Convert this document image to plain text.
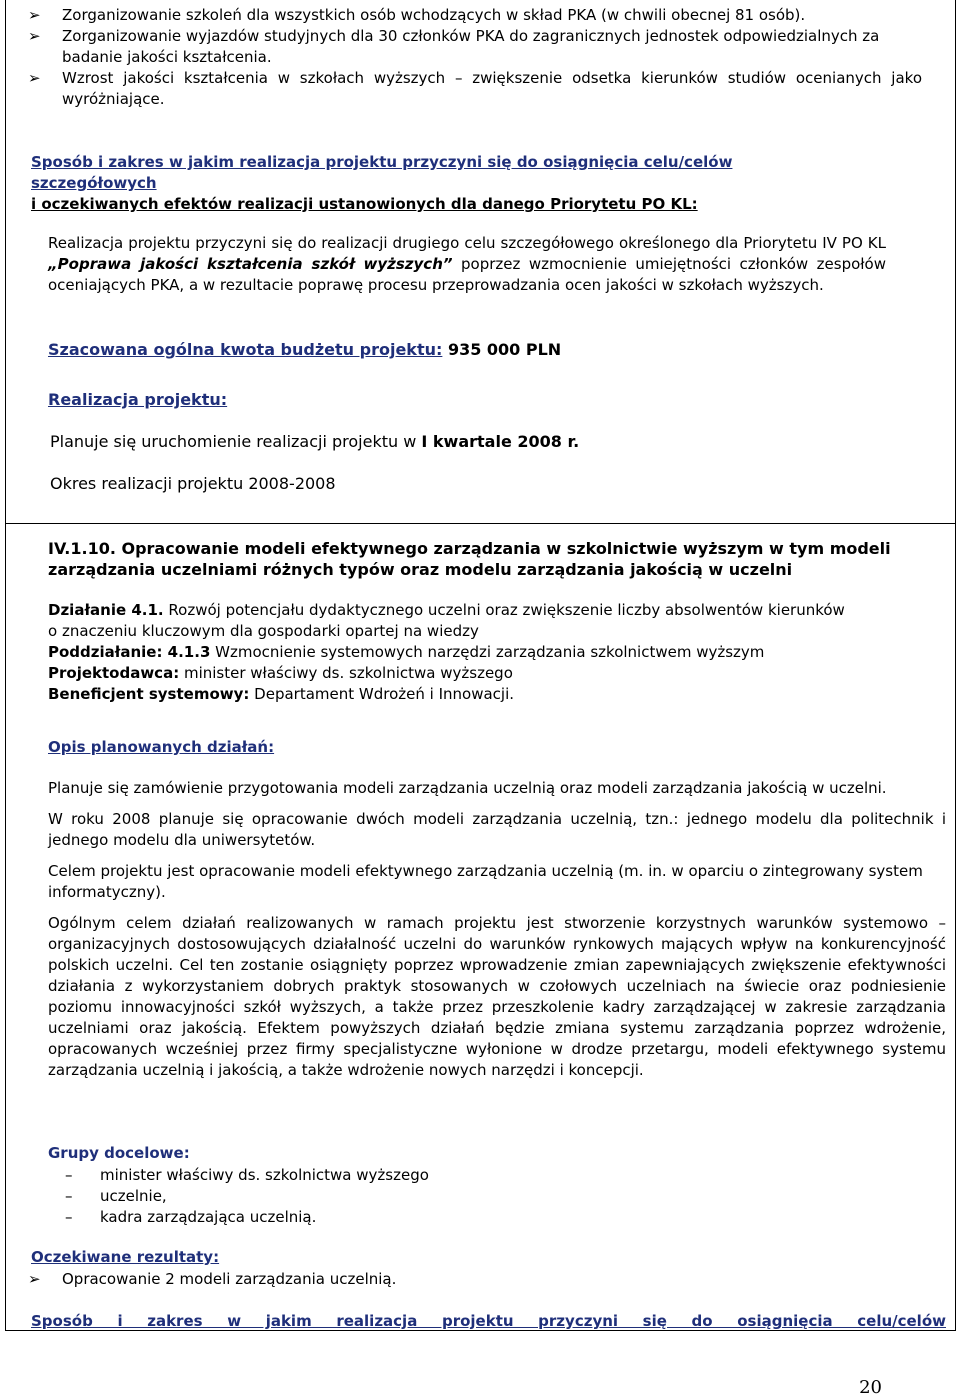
➢ Zorganizowanie szkoleń dla wszystkich osób wchodzących w skład PKA (w chwili obecnej 81 osób).
➢ Zorganizowanie wyjazdów studyjnych dla 30 członków PKA do zagranicznych jednostek odpowiedzialnych za badanie jakości kształcenia.
➢ Wzrost jakości kształcenia w szkołach wyższych – zwiększenie odsetka kierunków studiów ocenianych jako wyróżniające.

Sposób i zakres w jakim realizacja projektu przyczyni się do osiągnięcia celu/celów

szczegółowych

i oczekiwanych efektów realizacji ustanowionych dla danego Priorytetu PO KL:

Realizacja projektu przyczyni się do realizacji drugiego celu szczegółowego określonego dla Priorytetu IV PO KL „Poprawa jakości kształcenia szkół wyższych” poprzez wzmocnienie umiejętności członków zespołów oceniających PKA, a w rezultacie poprawę procesu przeprowadzania ocen jakości w szkołach wyższych.

Szacowana ogólna kwota budżetu projektu: 935 000 PLN
Realizacja projektu:
Planuje się uruchomienie realizacji projektu w I kwartale 2008 r.
Okres realizacji projektu 2008-2008

IV.1.10. Opracowanie modeli efektywnego zarządzania w szkolnictwie wyższym w tym modeli zarządzania uczelniami różnych typów oraz modelu zarządzania jakością w uczelni

Działanie 4.1. Rozwój potencjału dydaktycznego uczelni oraz zwiększenie liczby absolwentów kierunków

o znaczeniu kluczowym dla gospodarki opartej na wiedzy

Poddziałanie: 4.1.3 Wzmocnienie systemowych narzędzi zarządzania szkolnictwem wyższym

Projektodawca: minister właściwy ds. szkolnictwa wyższego

Beneficjent systemowy: Departament Wdrożeń i Innowacji.

Opis planowanych działań:

Planuje się zamówienie przygotowania modeli zarządzania uczelnią oraz modeli zarządzania jakością w uczelni.

W roku 2008 planuje się opracowanie dwóch modeli zarządzania uczelnią, tzn.: jednego modelu dla politechnik i jednego modelu dla uniwersytetów.

Celem projektu jest opracowanie modeli efektywnego zarządzania uczelnią (m. in. w oparciu o zintegrowany system informatyczny).

Ogólnym celem działań realizowanych w ramach projektu jest stworzenie korzystnych warunków systemowo – organizacyjnych dostosowujących działalność uczelni do warunków rynkowych mających wpływ na konkurencyjność polskich uczelni. Cel ten zostanie osiągnięty poprzez wprowadzenie zmian zapewniających zwiększenie efektywności działania z wykorzystaniem dobrych praktyk stosowanych w czołowych uczelniach na świecie oraz podniesienie poziomu innowacyjności szkół wyższych, a także przez przeszkolenie kadry zarządzającej w zakresie zarządzania uczelniami oraz jakością. Efektem powyższych działań będzie zmiana systemu zarządzania poprzez wdrożenie, opracowanych wcześniej przez firmy specjalistyczne wyłonione w drodze przetargu, modeli efektywnego systemu zarządzania uczelnią i jakością, a także wdrożenie nowych narzędzi i koncepcji.

Grupy docelowe:
– minister właściwy ds. szkolnictwa wyższego
– uczelnie,
– kadra zarządzająca uczelnią.
Oczekiwane rezultaty:
➢ Opracowanie 2 modeli zarządzania uczelnią.

Sposób i zakres w jakim realizacja projektu przyczyni się do osiągnięcia celu/celów

20
